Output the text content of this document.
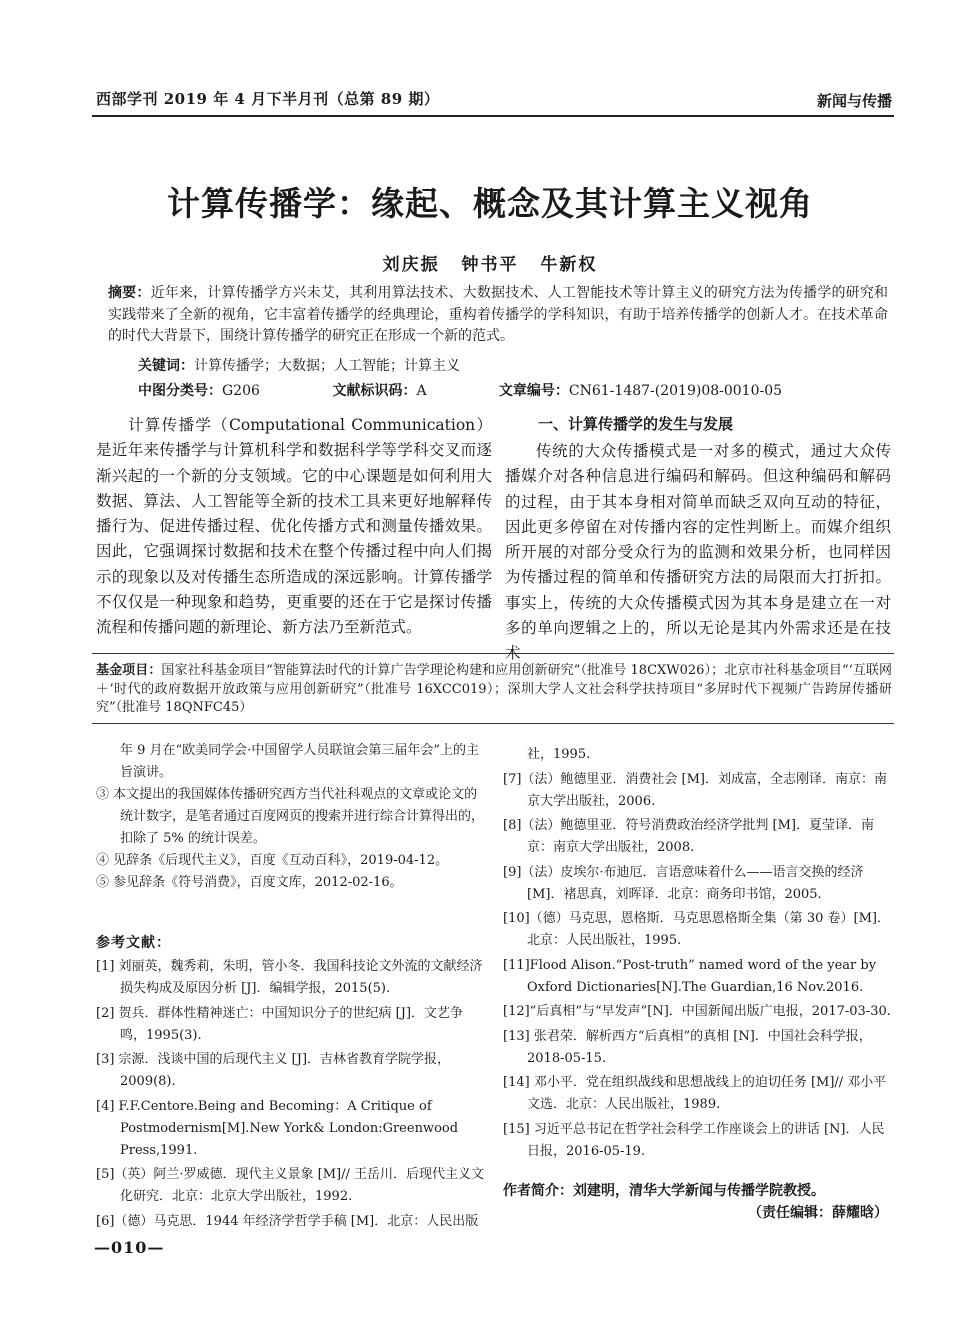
西部学刊 2019 年 4 月下半月刊（总第 89 期）	新闻与传播
计算传播学：缘起、概念及其计算主义视角
刘庆振 钟书平 牛新权
摘要：近年来，计算传播学方兴未艾，其利用算法技术、大数据技术、人工智能技术等计算主义的研究方法为传播学的研究和实践带来了全新的视角，它丰富着传播学的经典理论，重构着传播学的学科知识，有助于培养传播学的创新人才。在技术革命的时代大背景下，围绕计算传播学的研究正在形成一个新的范式。
关键词：计算传播学；大数据；人工智能；计算主义
中图分类号：G206	文献标识码：A	文章编号：CN61-1487-(2019)08-0010-05
计算传播学（Computational Communication）是近年来传播学与计算机科学和数据科学等学科交叉而逐渐兴起的一个新的分支领域。它的中心课题是如何利用大数据、算法、人工智能等全新的技术工具来更好地解释传播行为、促进传播过程、优化传播方式和测量传播效果。因此，它强调探讨数据和技术在整个传播过程中向人们揭示的现象以及对传播生态所造成的深远影响。计算传播学不仅仅是一种现象和趋势，更重要的还在于它是探讨传播流程和传播问题的新理论、新方法乃至新范式。
一、计算传播学的发生与发展
传统的大众传播模式是一对多的模式，通过大众传播媒介对各种信息进行编码和解码。但这种编码和解码的过程，由于其本身相对简单而缺乏双向互动的特征，因此更多停留在对传播内容的定性判断上。而媒介组织所开展的对部分受众行为的监测和效果分析，也同样因为传播过程的简单和传播研究方法的局限而大打折扣。事实上，传统的大众传播模式因为其本身是建立在一对多的单向逻辑之上的，所以无论是其内外需求还是在技术
基金项目：国家社科基金项目“智能算法时代的计算广告学理论构建和应用创新研究”（批准号 18CXW026）；北京市社科基金项目“‘互联网＋’时代的政府数据开放政策与应用创新研究”（批准号 16XCC019）；深圳大学人文社会科学扶持项目“多屏时代下视频广告跨屏传播研究”（批准号 18QNFC45）

年 9 月在“欧美同学会·中国留学人员联谊会第三届年会”上的主旨演讲。

③ 本文提出的我国媒体传播研究西方当代社科观点的文章或论文的统计数字，是笔者通过百度网页的搜索并进行综合计算得出的，扣除了 5% 的统计误差。

④ 见辞条《后现代主义》，百度《互动百科》，2019-04-12。

⑤ 参见辞条《符号消费》，百度文库，2012-02-16。

参考文献：

[1] 刘丽英，魏秀莉，朱明，管小冬．我国科技论文外流的文献经济损失构成及原因分析 [J]．编辑学报，2015(5).

[2] 贺兵．群体性精神迷亡：中国知识分子的世纪病 [J]．文艺争鸣，1995(3).

[3] 宗源．浅谈中国的后现代主义 [J]．吉林省教育学院学报，2009(8).

[4] F.F.Centore.Being and Becoming：A Critique of Postmodernism[M].New York& London:Greenwood Press,1991.

[5]（英）阿兰·罗威德．现代主义景象 [M]// 王岳川．后现代主义文化研究．北京：北京大学出版社，1992.

[6]（德）马克思．1944 年经济学哲学手稿 [M]．北京：人民出版

社，1995.

[7]（法）鲍德里亚．消费社会 [M]．刘成富，全志刚译．南京：南京大学出版社，2006.

[8]（法）鲍德里亚．符号消费政治经济学批判 [M]．夏莹译．南京：南京大学出版社，2008.

[9]（法）皮埃尔·布迪厄．言语意味着什么——语言交换的经济 [M]．褚思真，刘晖译．北京：商务印书馆，2005.

[10]（德）马克思，恩格斯．马克思恩格斯全集（第 30 卷）[M]．北京：人民出版社，1995.

[11]Flood Alison.“Post-truth” named word of the year by Oxford Dictionaries[N].The Guardian,16 Nov.2016.

[12]“后真相”与“早发声”[N]．中国新闻出版广电报，2017-03-30.

[13] 张君荣．解析西方“后真相”的真相 [N]．中国社会科学报，2018-05-15.

[14] 邓小平．党在组织战线和思想战线上的迫切任务 [M]// 邓小平文选．北京：人民出版社，1989.

[15] 习近平总书记在哲学社会科学工作座谈会上的讲话 [N]．人民日报，2016-05-19.

作者简介：刘建明，清华大学新闻与传播学院教授。
（责任编辑：薛耀晗）
—010—
